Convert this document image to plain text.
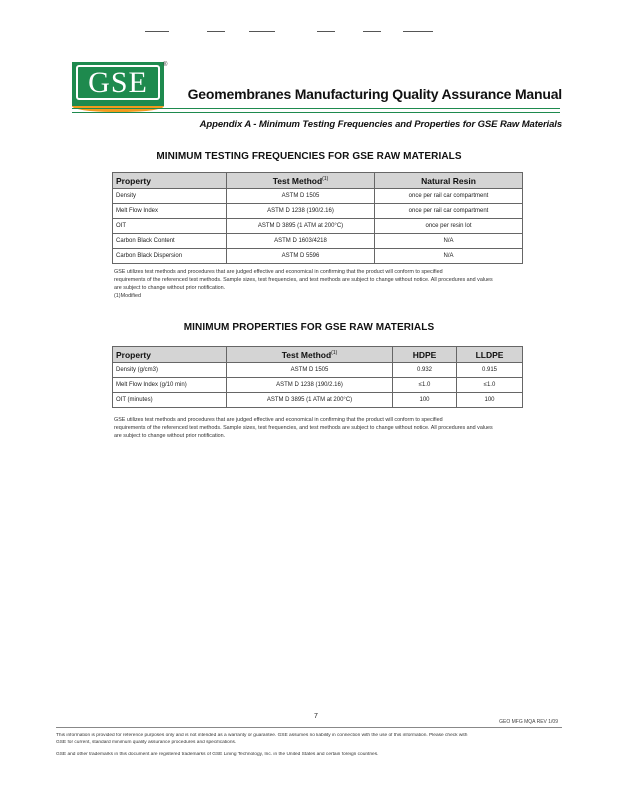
GSE
®
Geomembranes Manufacturing Quality Assurance Manual
Appendix A - Minimum Testing Frequencies and Properties for GSE Raw Materials
MINIMUM TESTING FREQUENCIES FOR GSE RAW MATERIALS
Property	Test Method$^{(1)}$	Natural Resin
Density	ASTM D 1505	once per rail car compartment
Melt Flow Index	ASTM D 1238 (190/2.16)	once per rail car compartment
OIT	ASTM D 3895 (1 ATM at 200°C)	once per resin lot
Carbon Black Content	ASTM D 1603/4218	N/A
Carbon Black Dispersion	ASTM D 5596	N/A

GSE utilizes test methods and procedures that are judged effective and economical in confirming that the product will conform to specified

requirements of the referenced test methods. Sample sizes, test frequencies, and test methods are subject to change without notice. All procedures and values

are subject to change without prior notification.

(1)Modified

MINIMUM PROPERTIES FOR GSE RAW MATERIALS
Property	Test Method$^{(1)}$	HDPE	LLDPE
Density (g/cm3)	ASTM D 1505	0.932	0.915
Melt Flow Index (g/10 min)	ASTM D 1238 (190/2.16)	≤1.0	≤1.0
OIT (minutes)	ASTM D 3895 (1 ATM at 200°C)	100	100

GSE utilizes test methods and procedures that are judged effective and economical in confirming that the product will conform to specified

requirements of the referenced test methods. Sample sizes, test frequencies, and test methods are subject to change without notice. All procedures and values

are subject to change without prior notification.

7
GEO MFG MQA REV 1/09
This information is provided for reference purposes only and is not intended as a warranty or guarantee. GSE assumes no liability in connection with the use of this information. Please check with
GSE for current, standard minimum quality assurance procedures and specifications.
GSE and other trademarks in this document are registered trademarks of GSE Lining Technology, Inc. in the United States and certain foreign countries.
